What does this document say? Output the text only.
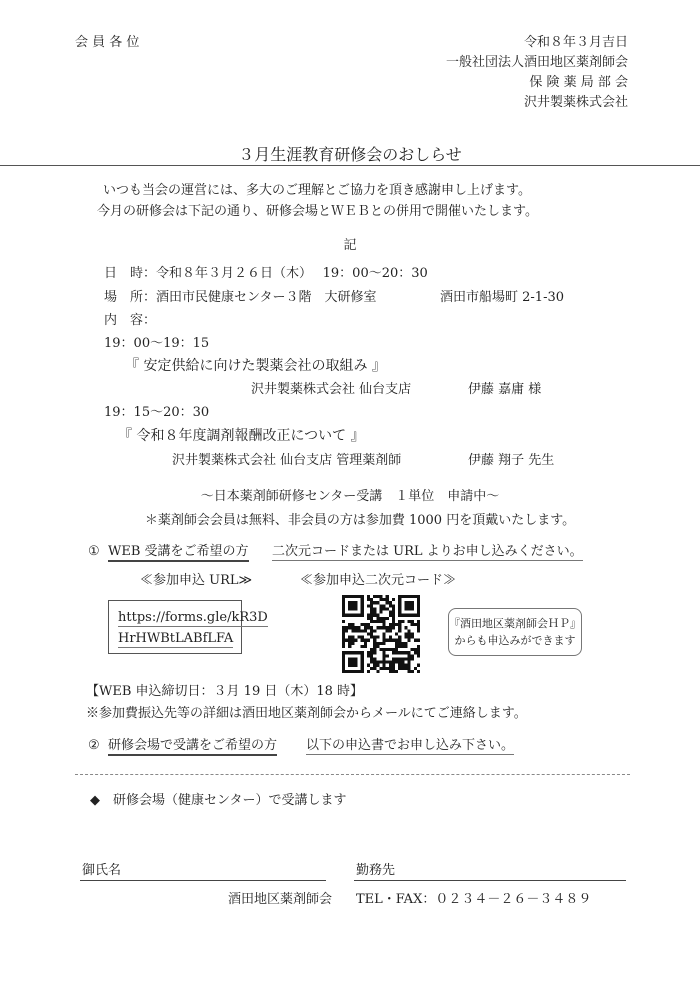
会 員 各 位	令和８年３月吉日
一般社団法人酒田地区薬剤師会
保 険 薬 局 部 会
沢井製薬株式会社
３月生涯教育研修会のおしらせ
いつも当会の運営には、多大のご理解とご協力を頂き感謝申し上げます。
今月の研修会は下記の通り、研修会場とＷＥＢとの併用で開催いたします。
記
日　時：令和８年３月２６日（木）　 19：00〜20：30
場　所：酒田市民健康センター３階　大研修室	酒田市船場町 2-1-30
内　容：
19：00〜19：15
『 安定供給に向けた製薬会社の取組み 』
沢井製薬株式会社 仙台支店	伊藤 嘉庸 様
19：15〜20：30
『 令和８年度調剤報酬改正について 』
沢井製薬株式会社 仙台支店 管理薬剤師	伊藤 翔子 先生
〜日本薬剤師研修センター受講　１単位　申請中〜
＊薬剤師会会員は無料、非会員の方は参加費 1000 円を頂戴いたします。
① WEB 受講をご希望の方 二次元コードまたは URL よりお申し込みください。
≪参加申込 URL≫	≪参加申込二次元コード≫
https://forms.gle/kR3D
HrHWBtLABfLFA
『酒田地区薬剤師会ＨＰ』
からも申込みができます
【WEB 申込締切日：３月 19 日（木）18 時】
※参加費振込先等の詳細は酒田地区薬剤師会からメールにてご連絡します。
② 研修会場で受講をご希望の方 以下の申込書でお申し込み下さい。
◆　研修会場（健康センター）で受講します
御氏名	勤務先
酒田地区薬剤師会 TEL・FAX：０２３４－２６－３４８９
